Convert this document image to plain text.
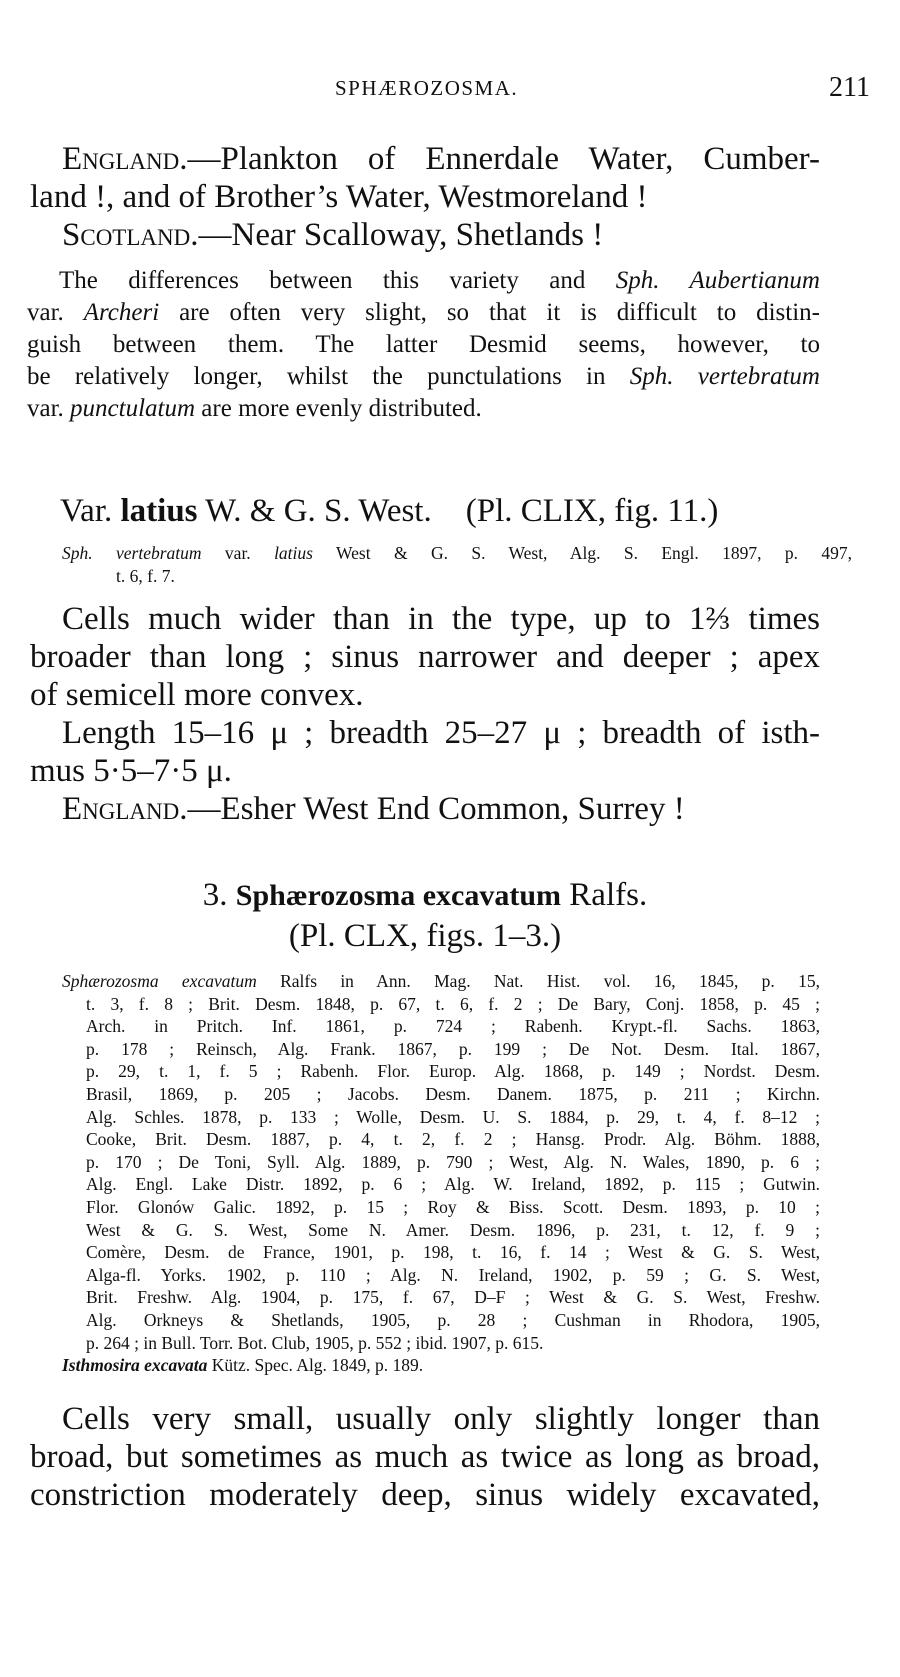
SPHÆROZOSMA.	211
England.—Plankton of Ennerdale Water, Cumber-
land !, and of Brother’s Water, Westmoreland !
Scotland.—Near Scalloway, Shetlands !
The differences between this variety and Sph. Aubertianum
var. Archeri are often very slight, so that it is difficult to distin-
guish between them. The latter Desmid seems, however, to
be relatively longer, whilst the punctulations in Sph. vertebratum
var. punctulatum are more evenly distributed.
Var. latius W. & G. S. West. (Pl. CLIX, fig. 11.)
Sph. vertebratum var. latius West & G. S. West, Alg. S. Engl. 1897, p. 497,
t. 6, f. 7.
Cells much wider than in the type, up to 1⅔ times
broader than long ; sinus narrower and deeper ; apex
of semicell more convex.
Length 15–16 μ ; breadth 25–27 μ ; breadth of isth-
mus 5·5–7·5 μ.
England.—Esher West End Common, Surrey !
3. Sphærozosma excavatum Ralfs.
(Pl. CLX, figs. 1–3.)
Sphærozosma excavatum Ralfs in Ann. Mag. Nat. Hist. vol. 16, 1845, p. 15,
t. 3, f. 8 ; Brit. Desm. 1848, p. 67, t. 6, f. 2 ; De Bary, Conj. 1858, p. 45 ;
Arch. in Pritch. Inf. 1861, p. 724 ; Rabenh. Krypt.-fl. Sachs. 1863,
p. 178 ; Reinsch, Alg. Frank. 1867, p. 199 ; De Not. Desm. Ital. 1867,
p. 29, t. 1, f. 5 ; Rabenh. Flor. Europ. Alg. 1868, p. 149 ; Nordst. Desm.
Brasil, 1869, p. 205 ; Jacobs. Desm. Danem. 1875, p. 211 ; Kirchn.
Alg. Schles. 1878, p. 133 ; Wolle, Desm. U. S. 1884, p. 29, t. 4, f. 8–12 ;
Cooke, Brit. Desm. 1887, p. 4, t. 2, f. 2 ; Hansg. Prodr. Alg. Böhm. 1888,
p. 170 ; De Toni, Syll. Alg. 1889, p. 790 ; West, Alg. N. Wales, 1890, p. 6 ;
Alg. Engl. Lake Distr. 1892, p. 6 ; Alg. W. Ireland, 1892, p. 115 ; Gutwin.
Flor. Glonów Galic. 1892, p. 15 ; Roy & Biss. Scott. Desm. 1893, p. 10 ;
West & G. S. West, Some N. Amer. Desm. 1896, p. 231, t. 12, f. 9 ;
Comère, Desm. de France, 1901, p. 198, t. 16, f. 14 ; West & G. S. West,
Alga-fl. Yorks. 1902, p. 110 ; Alg. N. Ireland, 1902, p. 59 ; G. S. West,
Brit. Freshw. Alg. 1904, p. 175, f. 67, D–F ; West & G. S. West, Freshw.
Alg. Orkneys & Shetlands, 1905, p. 28 ; Cushman in Rhodora, 1905,
p. 264 ; in Bull. Torr. Bot. Club, 1905, p. 552 ; ibid. 1907, p. 615.
Isthmosira excavata Kütz. Spec. Alg. 1849, p. 189.
Cells very small, usually only slightly longer than
broad, but sometimes as much as twice as long as broad,
constriction moderately deep, sinus widely excavated,
